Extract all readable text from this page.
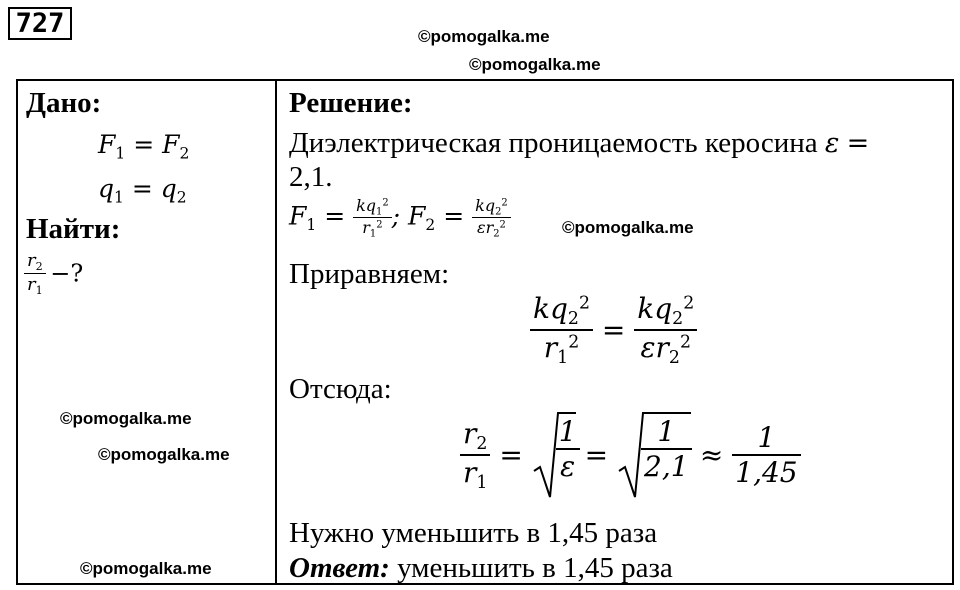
727	©pomogalka.me
©pomogalka.me
©pomogalka.me
©pomogalka.me
©pomogalka.me
©pomogalka.me
Дано:
$F_1 = F_2$
$q_1 = q_2$
Найти:
$\frac{r_2}{r_1}$ −?
Решение:
Диэлектрическая проницаемость керосина ε =
2,1.
$F_1 = \frac{kq_1^2}{r_1^2}$ ; $F_2 = \frac{kq_2^2}{\varepsilon r_2^2}$
Приравняем:
$\frac{kq_2^2}{r_1^2} = \frac{kq_2^2}{\varepsilon r_2^2}$
Отсюда:
$\frac{r_2}{r_1} = \frac{1}{\varepsilon} = \frac{1}{2,1} \approx \frac{1}{1,45}$
Нужно уменьшить в 1,45 раза
Ответ: уменьшить в 1,45 раза
